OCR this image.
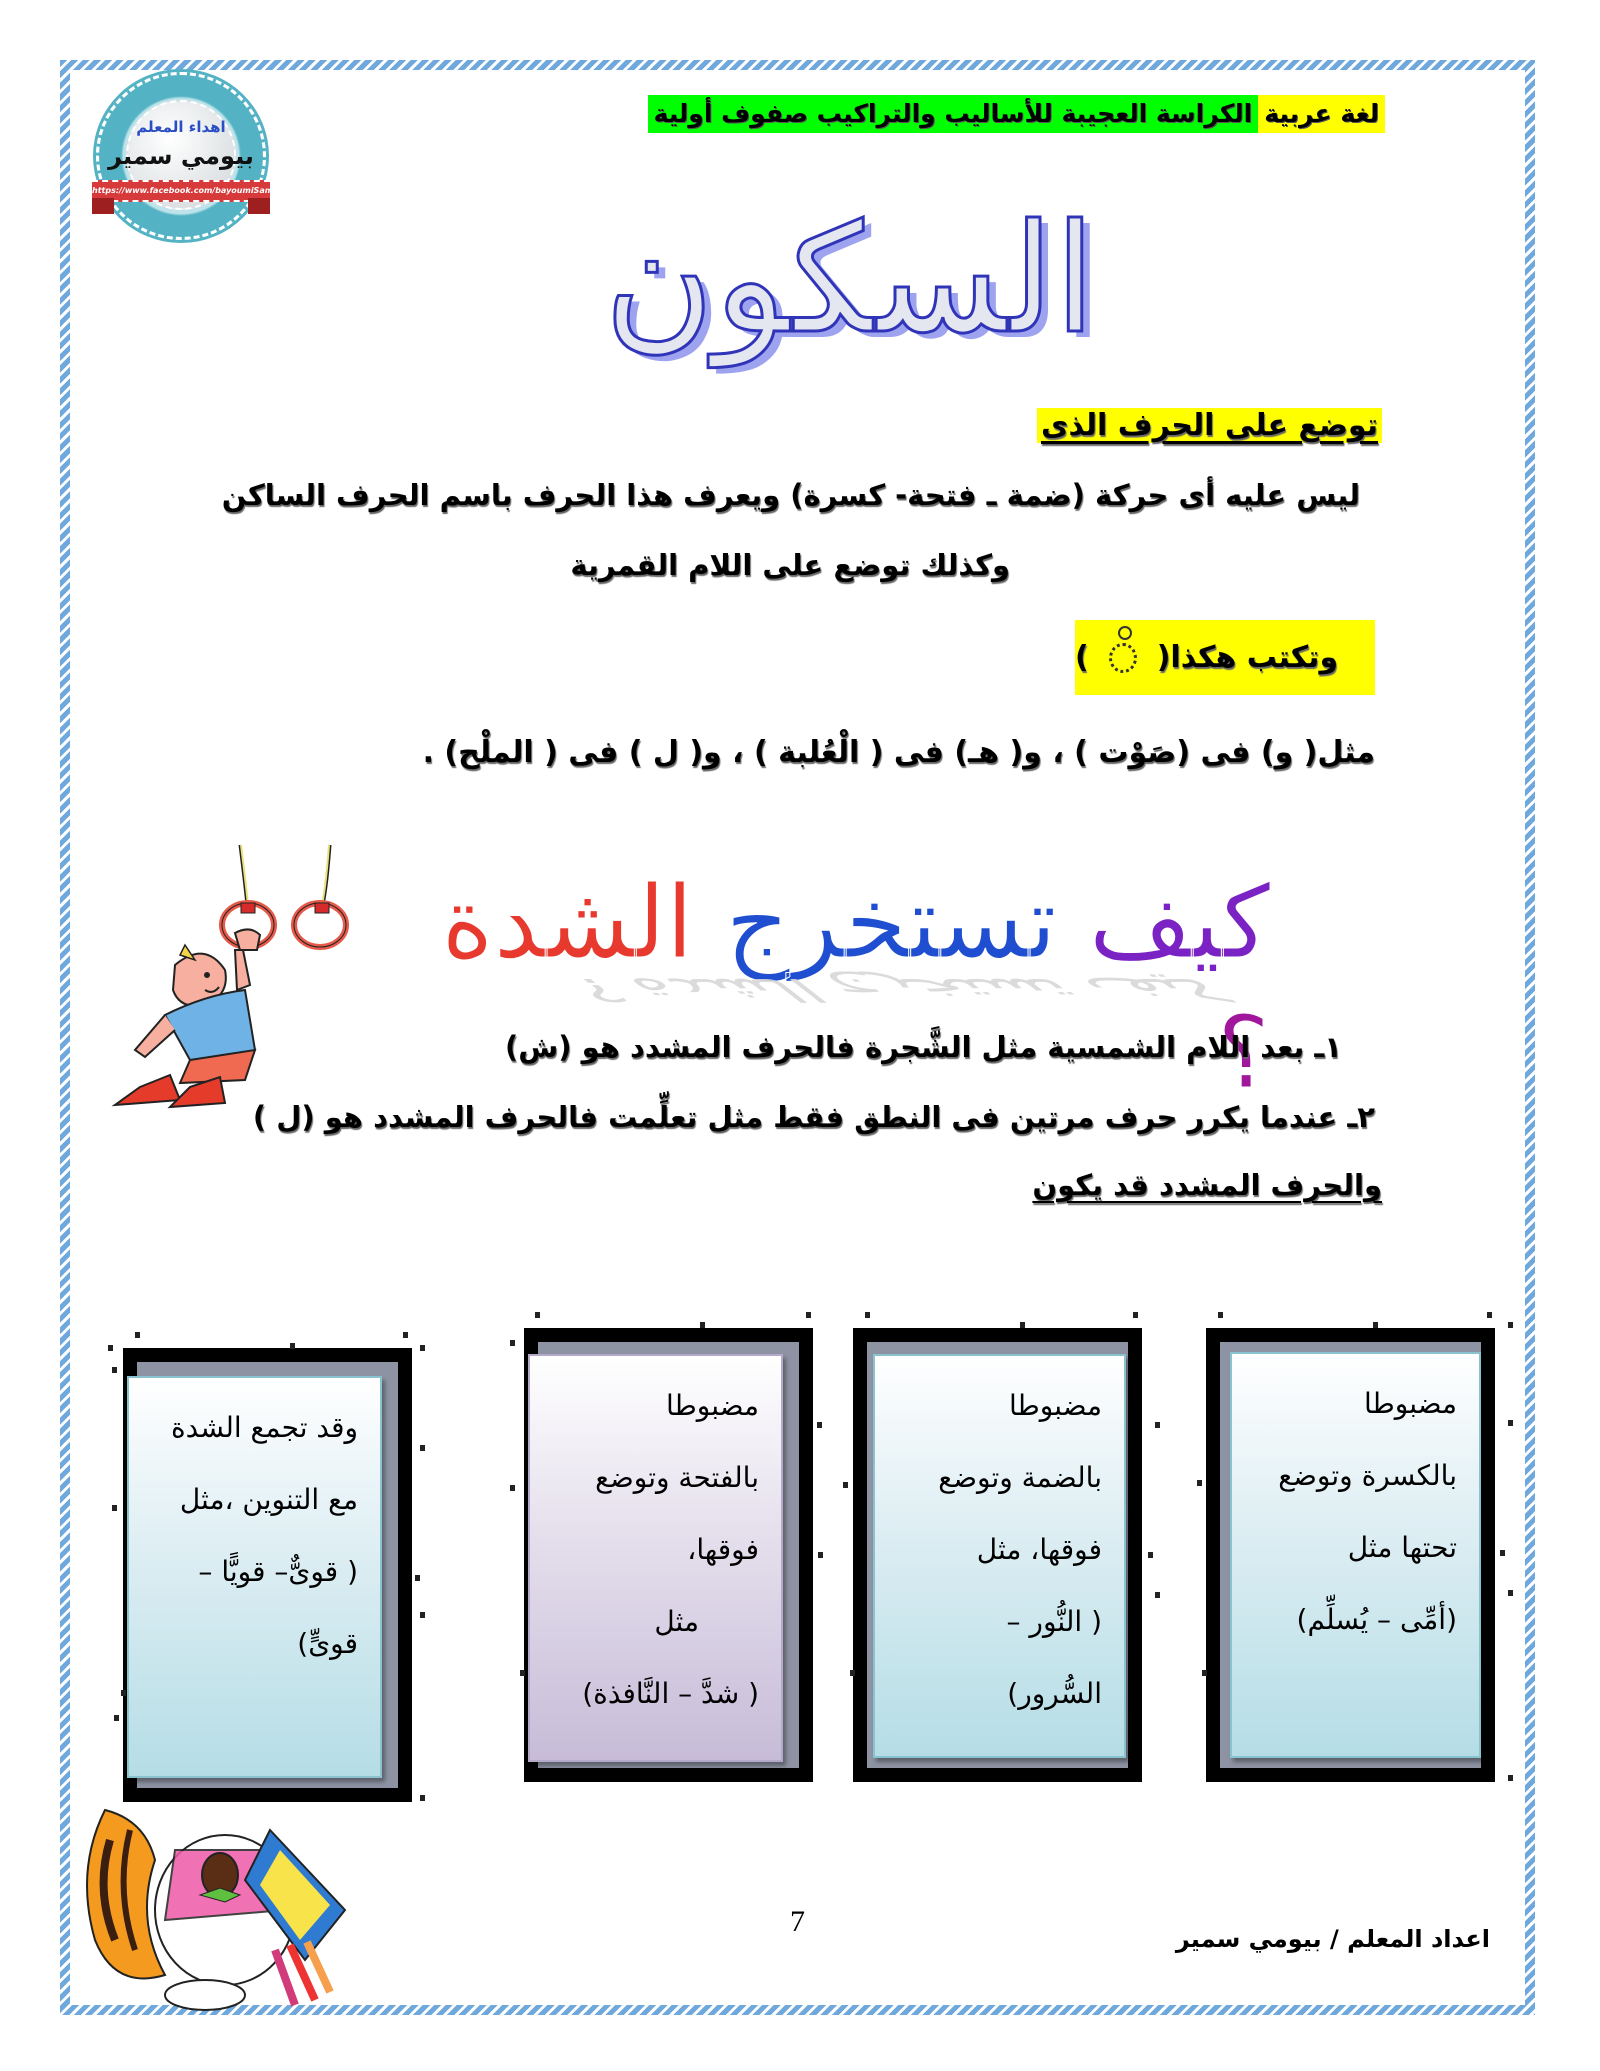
الكراسة العجيبة للأساليب والتراكيب صفوف أولية لغة عربية
اهداء المعلم
بيومي سمير
https://www.facebook.com/bayoumiSamir
السكون
توضع على الحرف الذى
ليس عليه أى حركة (ضمة ـ فتحة- كسرة) ويعرف هذا الحرف باسم الحرف الساكن
وكذلك توضع على اللام القمرية
وتكتب هكذا(
)
مثل( و) فى (صَوْت ) ، و( هـ) فى ( الْعُلبة ) ، و( ل ) فى ( الملْح) .
كيف تستخرج الشدة ؟
كيف تستخرج الشدة ؟
١ـ بعد اللام الشمسية مثل الشَّجرة فالحرف المشدد هو (ش)
٢ـ عندما يكرر حرف مرتين فى النطق فقط مثل تعلِّمت فالحرف المشدد هو (ل )
والحرف المشدد قد يكون
مضبوطا
بالكسرة وتوضع
تحتها مثل
(أمِّى – يُسلِّم)
مضبوطا
بالضمة وتوضع
فوقها، مثل
( النُّور –
السُّرور)
مضبوطا
بالفتحة وتوضع
فوقها،
مثل
( شدَّ – النَّافذة)
وقد تجمع الشدة
مع التنوين ،مثل
( قوىٌّ– قويًّا –
قوىٍّ)
7
اعداد المعلم / بيومي سمير
